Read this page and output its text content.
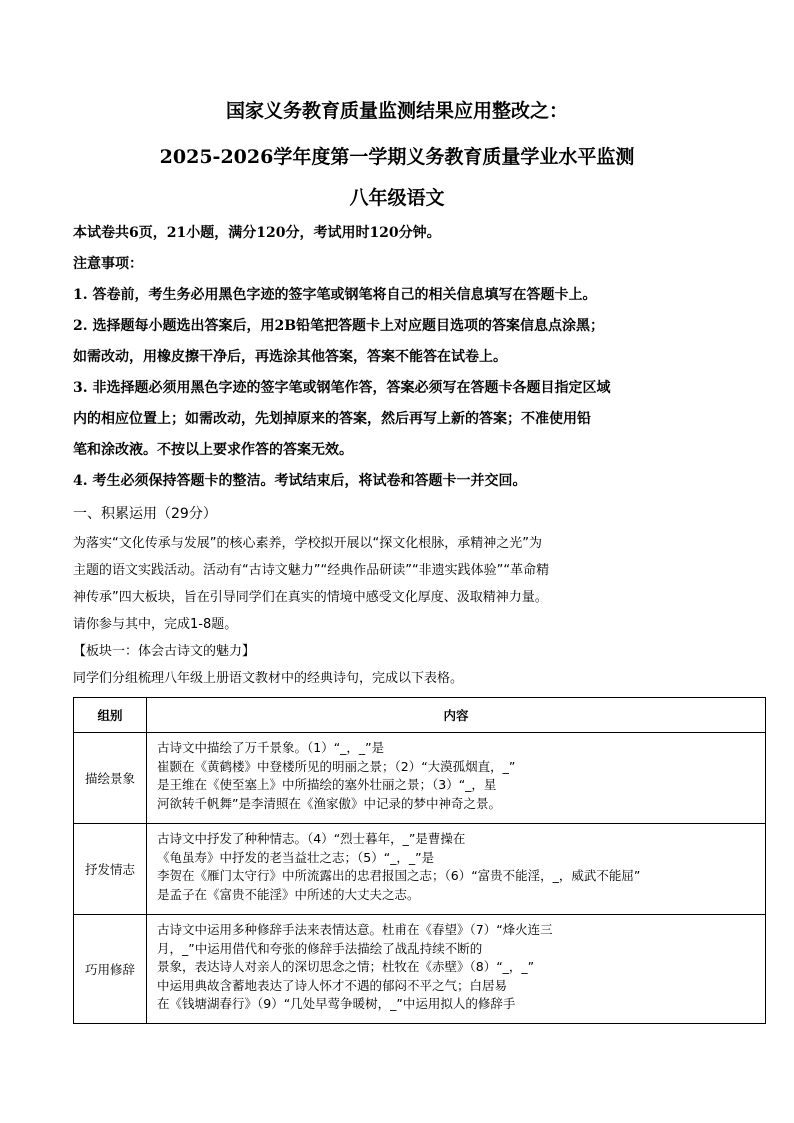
国家义务教育质量监测结果应用整改之：
2025-2026学年度第一学期义务教育质量学业水平监测
八年级语文
本试卷共6页，21小题，满分120分，考试用时120分钟。
注意事项：
1. 答卷前，考生务必用黑色字迹的签字笔或钢笔将自己的相关信息填写在答题卡上。
2. 选择题每小题选出答案后，用2B铅笔把答题卡上对应题目选项的答案信息点涂黑；
如需改动，用橡皮擦干净后，再选涂其他答案，答案不能答在试卷上。
3. 非选择题必须用黑色字迹的签字笔或钢笔作答，答案必须写在答题卡各题目指定区域
内的相应位置上；如需改动，先划掉原来的答案，然后再写上新的答案；不准使用铅
笔和涂改液。不按以上要求作答的答案无效。
4. 考生必须保持答题卡的整洁。考试结束后，将试卷和答题卡一并交回。
一、积累运用（29分）
为落实“文化传承与发展”的核心素养，学校拟开展以“探文化根脉，承精神之光”为
主题的语文实践活动。活动有“古诗文魅力”“经典作品研读”“非遗实践体验”“革命精
神传承”四大板块，旨在引导同学们在真实的情境中感受文化厚度、汲取精神力量。
请你参与其中，完成1-8题。
【板块一：体会古诗文的魅力】
同学们分组梳理八年级上册语文教材中的经典诗句，完成以下表格。
组别	内容
描绘景象	古诗文中描绘了万千景象。（1）“_，_”是
崔颢在《黄鹤楼》中登楼所见的明丽之景；（2）“大漠孤烟直，_”
是王维在《使至塞上》中所描绘的塞外壮丽之景；（3）“_，星
河欲转千帆舞”是李清照在《渔家傲》中记录的梦中神奇之景。

抒发情志	古诗文中抒发了种种情志。（4）“烈士暮年，_”是曹操在
《龟虽寿》中抒发的老当益壮之志；（5）“_，_”是
李贺在《雁门太守行》中所流露出的忠君报国之志；（6）“富贵不能淫，_，威武不能屈”
是孟子在《富贵不能淫》中所述的大丈夫之志。

巧用修辞	古诗文中运用多种修辞手法来表情达意。杜甫在《春望》（7）“烽火连三
月，_”中运用借代和夸张的修辞手法描绘了战乱持续不断的
景象，表达诗人对亲人的深切思念之情；杜牧在《赤壁》（8）“_，_”
中运用典故含蓄地表达了诗人怀才不遇的郁闷不平之气；白居易
在《钱塘湖春行》（9）“几处早莺争暖树，_”中运用拟人的修辞手
